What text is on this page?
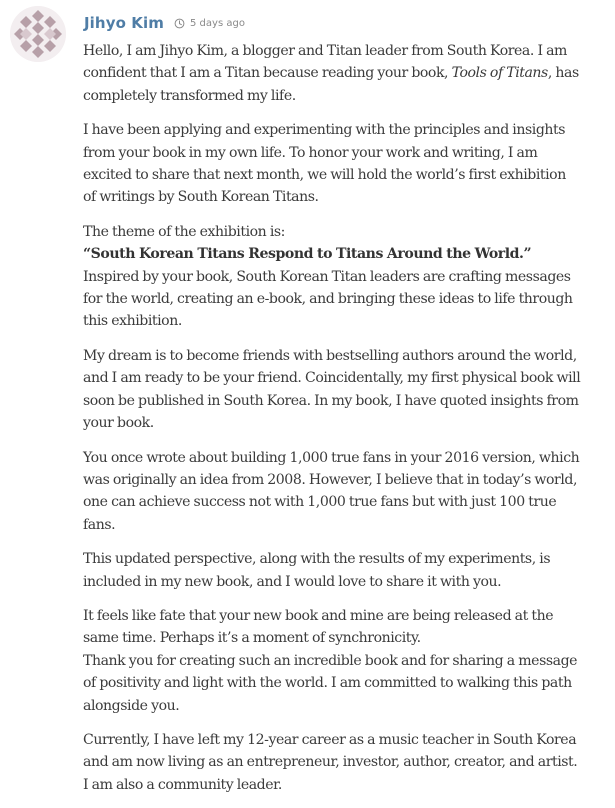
Jihyo Kim	5 days ago

Hello, I am Jihyo Kim, a blogger and Titan leader from South Korea. I am
confident that I am a Titan because reading your book, Tools of Titans, has
completely transformed my life.

I have been applying and experimenting with the principles and insights
from your book in my own life. To honor your work and writing, I am
excited to share that next month, we will hold the world’s first exhibition
of writings by South Korean Titans.

The theme of the exhibition is:
“South Korean Titans Respond to Titans Around the World.”
Inspired by your book, South Korean Titan leaders are crafting messages
for the world, creating an e-book, and bringing these ideas to life through
this exhibition.

My dream is to become friends with bestselling authors around the world,
and I am ready to be your friend. Coincidentally, my first physical book will
soon be published in South Korea. In my book, I have quoted insights from
your book.

You once wrote about building 1,000 true fans in your 2016 version, which
was originally an idea from 2008. However, I believe that in today’s world,
one can achieve success not with 1,000 true fans but with just 100 true
fans.

This updated perspective, along with the results of my experiments, is
included in my new book, and I would love to share it with you.

It feels like fate that your new book and mine are being released at the
same time. Perhaps it’s a moment of synchronicity.
Thank you for creating such an incredible book and for sharing a message
of positivity and light with the world. I am committed to walking this path
alongside you.

Currently, I have left my 12-year career as a music teacher in South Korea
and am now living as an entrepreneur, investor, author, creator, and artist.
I am also a community leader.
